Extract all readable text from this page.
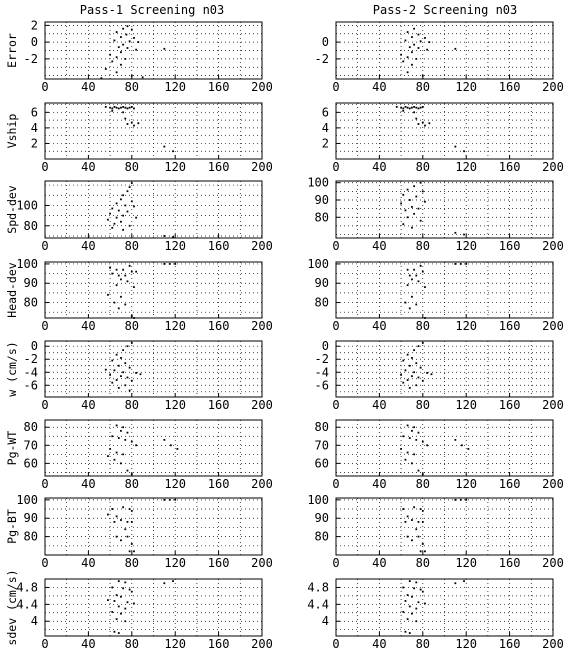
Pass-1 Screening n03	Pass-2 Screening n03
0	40 80 120 160 200
2
0
-2
Error
0	40 80 120 160 200
6
4
2
Vship
0	40 80 120 160 200
100
80
Spd-dev
0	40 80 120 160 200
100
90
80
Head-dev
0	40 80 120 160 200
0
-2
-4
-6
w (cm/s)
0	40 80 120 160 200
80
70
60
Pg-WT
0	40 80 120 160 200
100
90
80
Pg-BT
0	40 80 120 160 200
4.8
4.4
4
sdev (cm/s)
0	40 80 120 160 200
0
-2
0	40 80 120 160 200
6
4
2
0	40 80 120 160 200
100
90
80
0	40 80 120 160 200
100
90
80
0	40 80 120 160 200
0
-2
-4
-6
0	40 80 120 160 200
80
70
60
0	40 80 120 160 200
100
90
80
0	40 80 120 160 200
4.8
4.4
4
